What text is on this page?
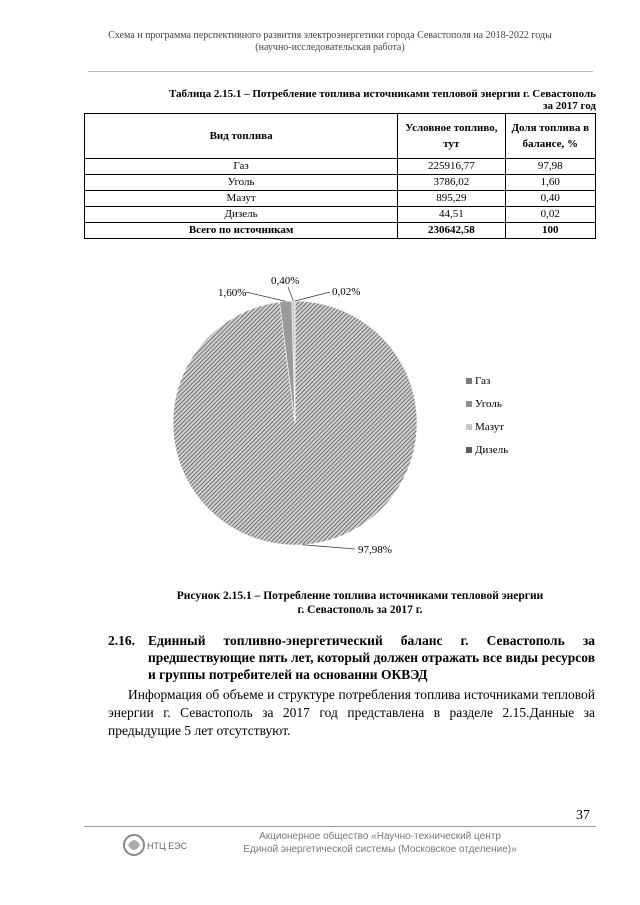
Схема и программа перспективного развития электроэнергетики города Севастополя на 2018-2022 годы
(научно-исследовательская работа)
Таблица 2.15.1 – Потребление топлива источниками тепловой энергии г. Севастополь
за 2017 год
Вид топлива	Условное топливо, тут	Доля топлива в балансе, %
Газ	225916,77	97,98
Уголь	3786,02	1,60
Мазут	895,29	0,40
Дизель	44,51	0,02
Всего по источникам	230642,58	100
97,98%
1,60%
0,40%
0,02%
Газ
Уголь
Мазут
Дизель
Рисунок 2.15.1 – Потребление топлива источниками тепловой энергии
г. Севастополь за 2017 г.
2.16. Единный топливно-энергетический баланс г. Севастополь за предшествующие пять лет, который должен отражать все виды ресурсов и группы потребителей на основании ОКВЭД
Информация об объеме и структуре потребления топлива источниками тепловой энергии г. Севастополь за 2017 год представлена в разделе 2.15.Данные за предыдущие 5 лет отсутствуют.
37
НТЦ ЕЭС
Акционерное общество «Научно-технический центр
Единой энергетической системы (Московское отделение)»
